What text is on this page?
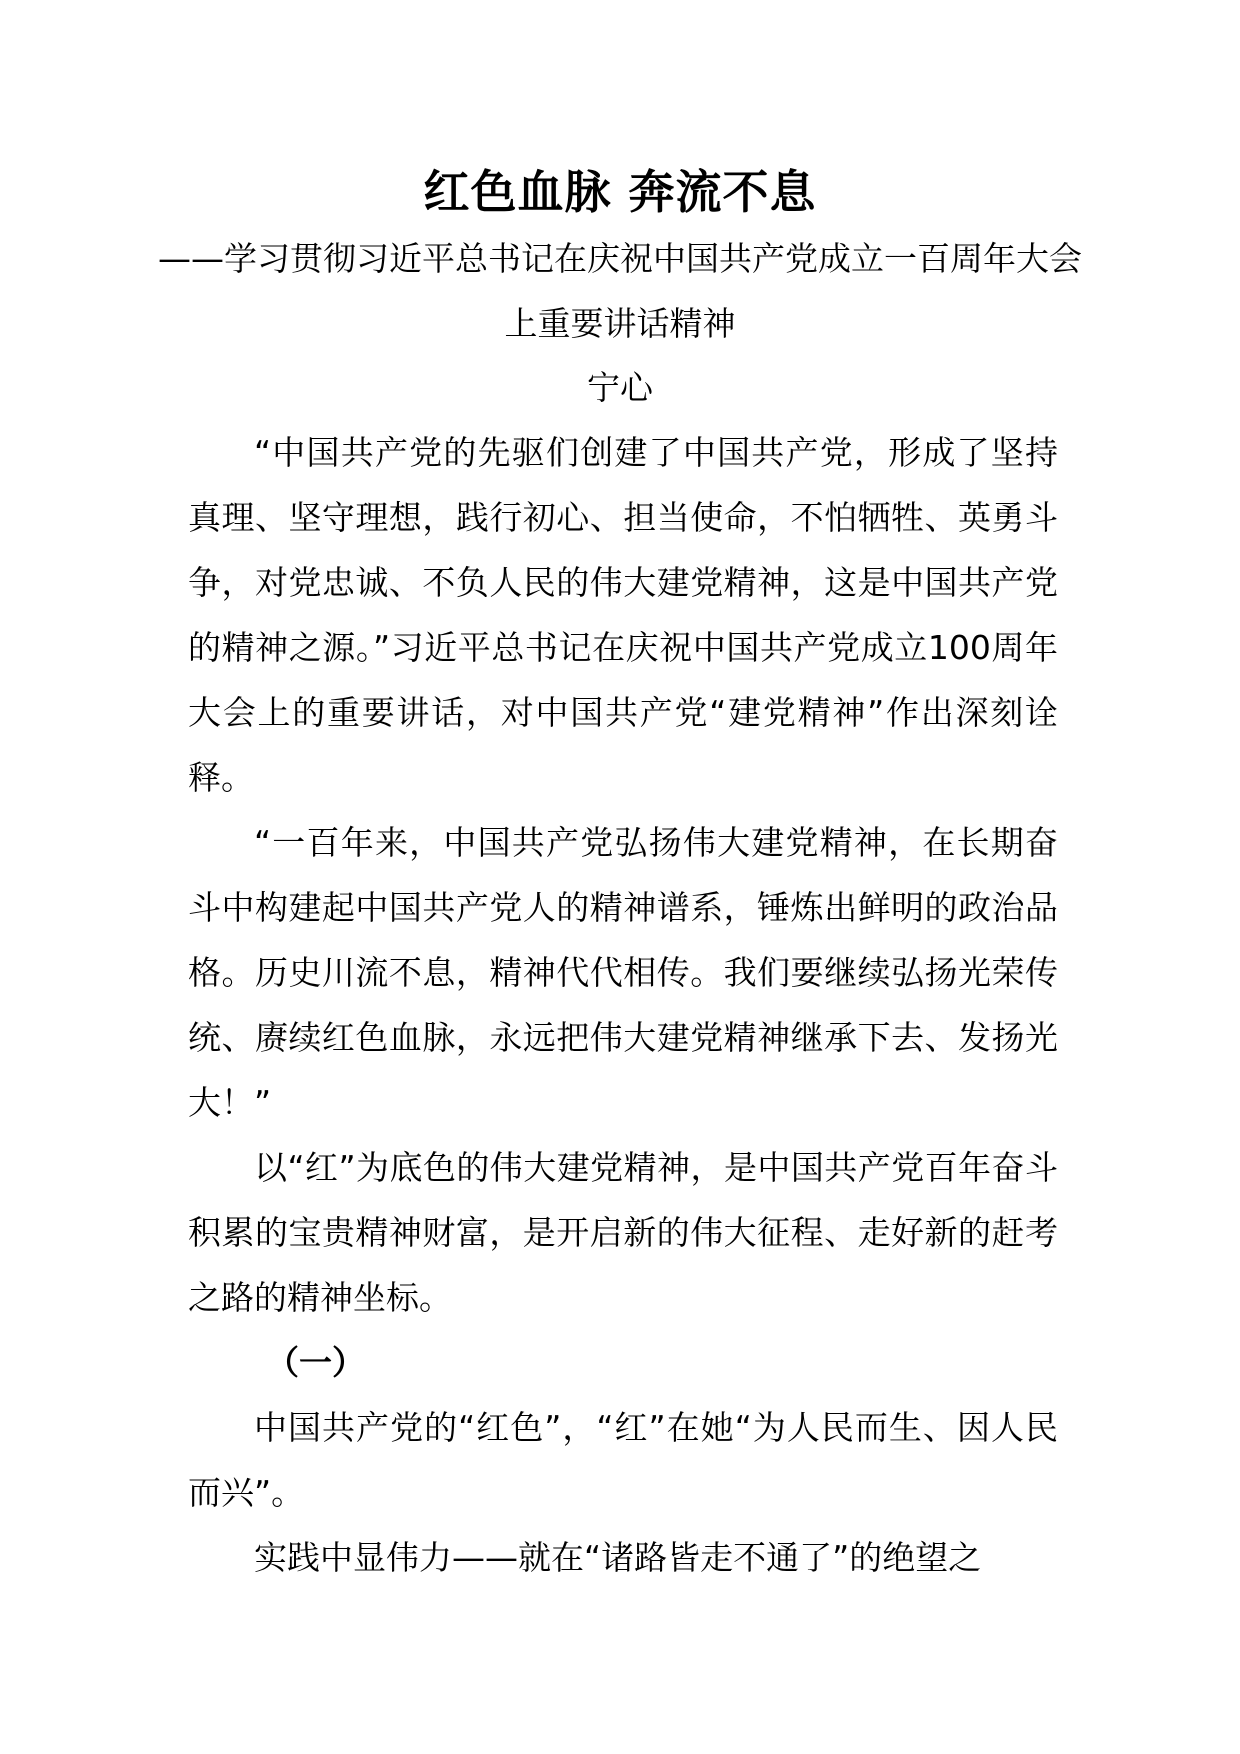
红色血脉 奔流不息
——学习贯彻习近平总书记在庆祝中国共产党成立一百周年大会上重要讲话精神
宁心

“中国共产党的先驱们创建了中国共产党，形成了坚持真理、坚守理想，践行初心、担当使命，不怕牺牲、英勇斗争，对党忠诚、不负人民的伟大建党精神，这是中国共产党的精神之源。”习近平总书记在庆祝中国共产党成立100周年大会上的重要讲话，对中国共产党“建党精神”作出深刻诠释。

“一百年来，中国共产党弘扬伟大建党精神，在长期奋斗中构建起中国共产党人的精神谱系，锤炼出鲜明的政治品格。历史川流不息，精神代代相传。我们要继续弘扬光荣传统、赓续红色血脉，永远把伟大建党精神继承下去、发扬光大！”

以“红”为底色的伟大建党精神，是中国共产党百年奋斗积累的宝贵精神财富，是开启新的伟大征程、走好新的赶考之路的精神坐标。

（一）

中国共产党的“红色”，“红”在她“为人民而生、因人民而兴”。

实践中显伟力——就在“诸路皆走不通了”的绝望之
